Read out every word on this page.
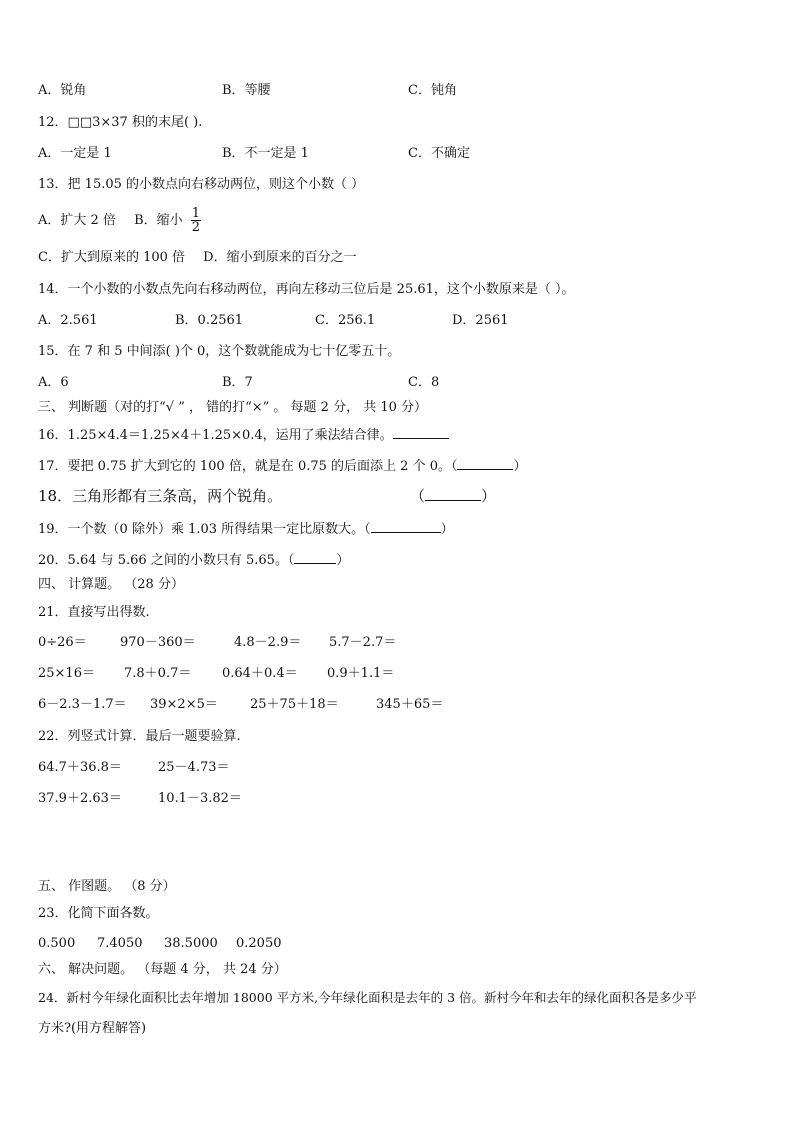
A．锐角	B．等腰	C．钝角
12．□□3×37 积的末尾( ).
A．一定是 1	B．不一定是 1	C．不确定
13．把 15.05 的小数点向右移动两位，则这个小数（ ）
A．扩大 2 倍 B．缩小 $\frac{1}{2}$
C．扩大到原来的 100 倍 D．缩小到原来的百分之一
14．一个小数的小数点先向右移动两位，再向左移动三位后是 25.61，这个小数原来是（ ）。
A．2.561	B．0.2561	C．256.1	D．2561
15．在 7 和 5 中间添( )个 0，这个数就能成为七十亿零五十。
A．6	B．7	C．8
三、 判断题（对的打“√ ” ， 错的打“×” 。 每题 2 分， 共 10 分）
16．1.25×4.4＝1.25×4＋1.25×0.4，运用了乘法结合律。
17．要把 0.75 扩大到它的 100 倍，就是在 0.75 的后面添上 2 个 0。（	）
18．三角形都有三条高，两个锐角。	（	）
19．一个数（0 除外）乘 1.03 所得结果一定比原数大。（	）
20．5.64 与 5.66 之间的小数只有 5.65。（	）
四、 计算题。 （28 分）
21．直接写出得数.
0÷26＝	970－360＝	4.8－2.9＝ 5.7－2.7＝
25×16＝ 7.8＋0.7＝ 0.64＋0.4＝ 0.9＋1.1＝
6－2.3－1.7＝ 39×2×5＝ 25＋75＋18＝	345＋65＝
22．列竖式计算．最后一题要验算.
64.7＋36.8＝	25－4.73＝
37.9＋2.63＝	10.1－3.82＝
五、 作图题。 （8 分）
23．化简下面各数。
0.500 7.4050 38.5000 0.2050
六、 解决问题。 （每题 4 分， 共 24 分）
24．新村今年绿化面积比去年增加 18000 平方米,今年绿化面积是去年的 3 倍。新村今年和去年的绿化面积各是多少平
方米?(用方程解答)
